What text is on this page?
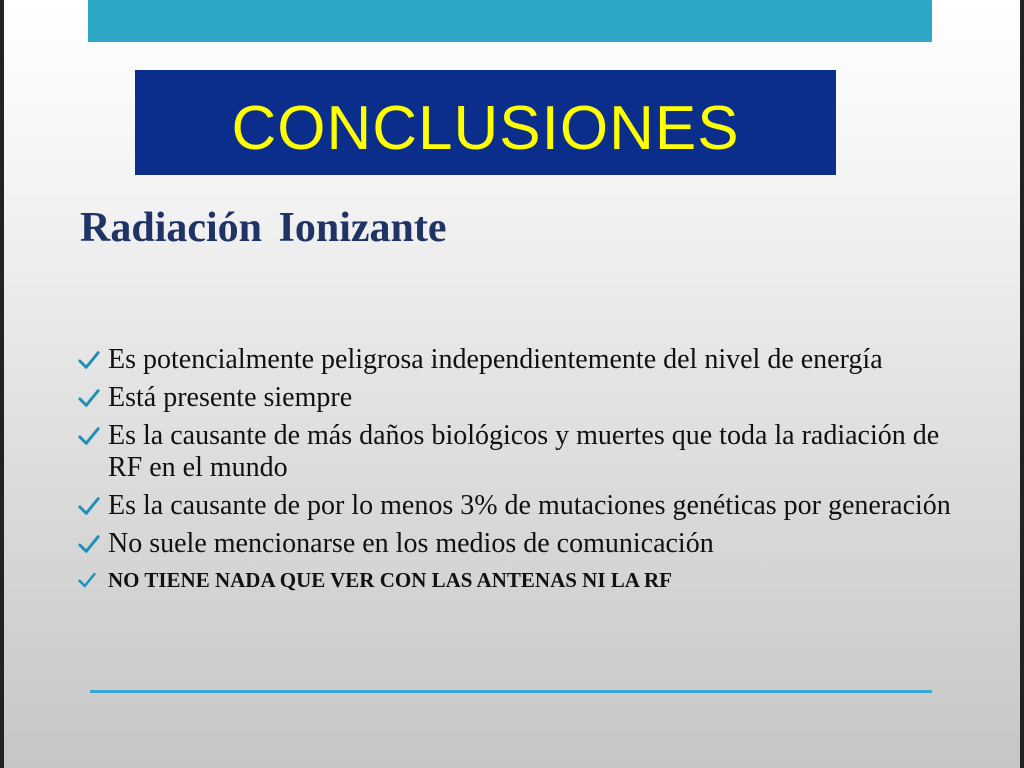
CONCLUSIONES
Radiación Ionizante
Es potencialmente peligrosa independientemente del nivel de energía
Está presente siempre
Es la causante de más daños biológicos y muertes que toda la radiación de RF en el mundo
Es la causante de por lo menos 3% de mutaciones genéticas por generación
No suele mencionarse en los medios de comunicación
NO TIENE NADA QUE VER CON LAS ANTENAS NI LA RF
